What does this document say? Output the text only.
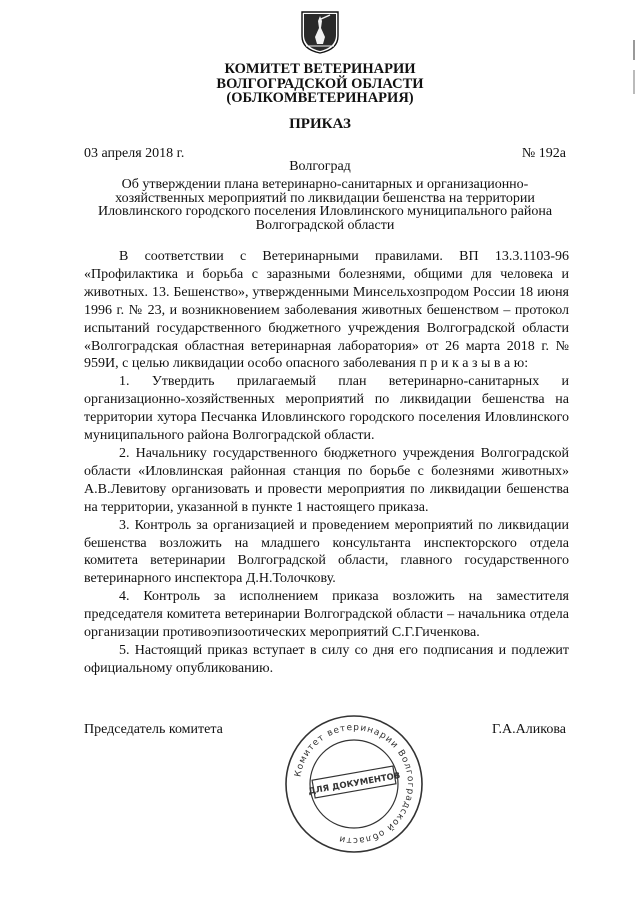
КОМИТЕТ ВЕТЕРИНАРИИ
ВОЛГОГРАДСКОЙ ОБЛАСТИ
(ОБЛКОМВЕТЕРИНАРИЯ)
ПРИКАЗ
03 апреля 2018 г.	№ 192а
Волгоград
Об утверждении плана ветеринарно-санитарных и организационно-
хозяйственных мероприятий по ликвидации бешенства на территории
Иловлинского городского поселения Иловлинского муниципального района
Волгоградской области

В соответствии с Ветеринарными правилами. ВП 13.3.1103-96 «Профилактика и борьба с заразными болезнями, общими для человека и животных. 13. Бешенство», утвержденными Минсельхозпродом России 18 июня 1996 г. № 23, и возникновением заболевания животных бешенством – протокол испытаний государственного бюджетного учреждения Волгоградской области «Волгоградская областная ветеринарная лаборатория» от 26 марта 2018 г. № 959И, с целью ликвидации особо опасного заболевания п р и к а з ы в а ю:

1. Утвердить прилагаемый план ветеринарно-санитарных и организационно-хозяйственных мероприятий по ликвидации бешенства на территории хутора Песчанка Иловлинского городского поселения Иловлинского муниципального района Волгоградской области.

2. Начальнику государственного бюджетного учреждения Волгоградской области «Иловлинская районная станция по борьбе с болезнями животных» А.В.Левитову организовать и провести мероприятия по ликвидации бешенства на территории, указанной в пункте 1 настоящего приказа.

3. Контроль за организацией и проведением мероприятий по ликвидации бешенства возложить на младшего консультанта инспекторского отдела комитета ветеринарии Волгоградской области, главного государственного ветеринарного инспектора Д.Н.Толочкову.

4. Контроль за исполнением приказа возложить на заместителя председателя комитета ветеринарии Волгоградской области – начальника отдела организации противоэпизоотических мероприятий С.Г.Гиченкова.

5. Настоящий приказ вступает в силу со дня его подписания и подлежит официальному опубликованию.

Председатель комитета	Г.А.Аликова
Комитет ветеринарии Волгоградской области
ДЛЯ ДОКУМЕНТОВ
